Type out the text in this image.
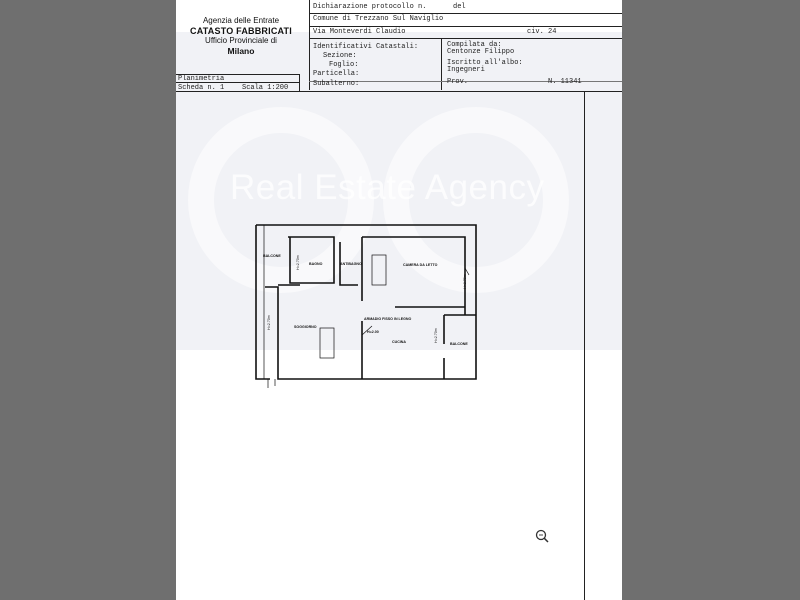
Agenzia delle Entrate
CATASTO FABBRICATI
Ufficio Provinciale di
Milano
Dichiarazione protocollo n.	del
Comune di Trezzano Sul Naviglio
Via Monteverdi Claudio	civ. 24
Identificativi Catastali:
Sezione:
Foglio:
Particella:
Subalterno:
Compilata da:
Centonze Filippo
Iscritto all'albo:
Ingegneri
Prov.	N. 11341
Planimetria
Scheda n. 1	Scala 1:200
Real Estate Agency
BALCONE
BAGNO	ANTIBAGNO	CAMERA DA LETTO
SOGGIORNO
ARMADIO FISSO IN LEGNO
H=2.00
CUCINA	BALCONE
H=2.70m
H=2.70m
H=2.70m
H=2.70m
